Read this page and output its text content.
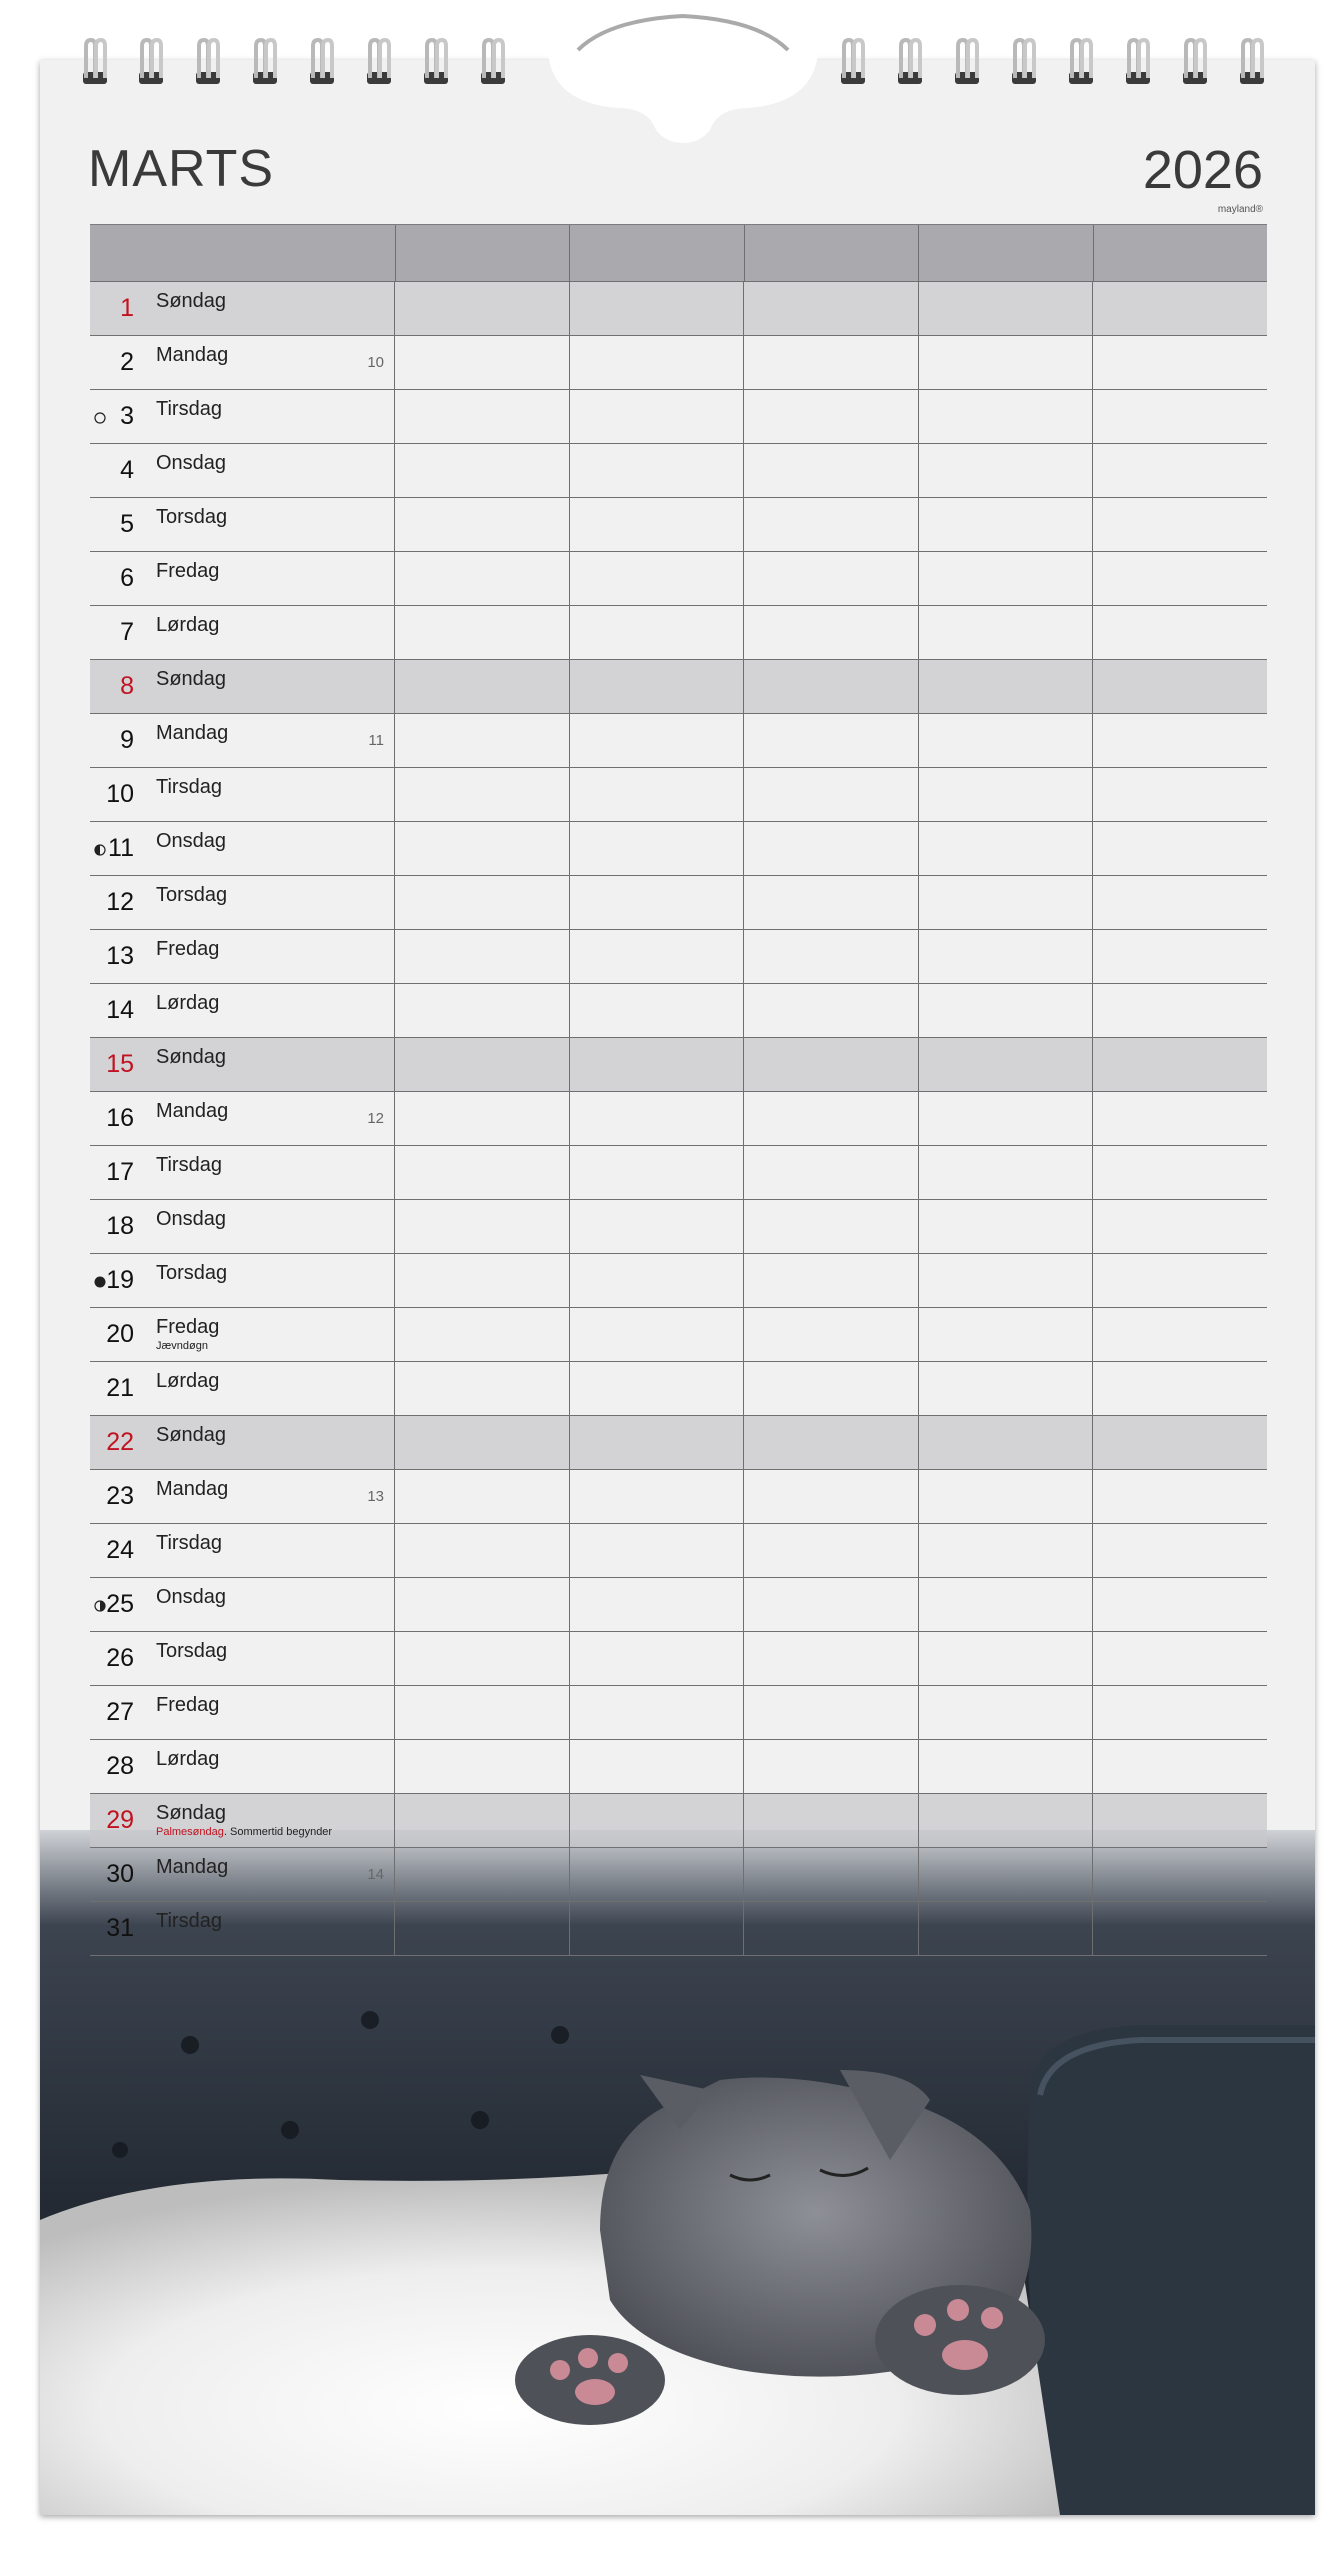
MARTS	2026
mayland®
1 Søndag
2 Mandag	10
3 Tirsdag
4 Onsdag
5 Torsdag
6 Fredag
7 Lørdag
8 Søndag
9 Mandag	11
10 Tirsdag
11 Onsdag
12 Torsdag
13 Fredag
14 Lørdag
15 Søndag
16 Mandag	12
17 Tirsdag
18 Onsdag
19 Torsdag
20 Fredag
Jævndøgn
21 Lørdag
22 Søndag
23 Mandag	13
24 Tirsdag
25 Onsdag
26 Torsdag
27 Fredag
28 Lørdag
29 Søndag
Palmesøndag. Sommertid begynder
30 Mandag	14
31 Tirsdag
